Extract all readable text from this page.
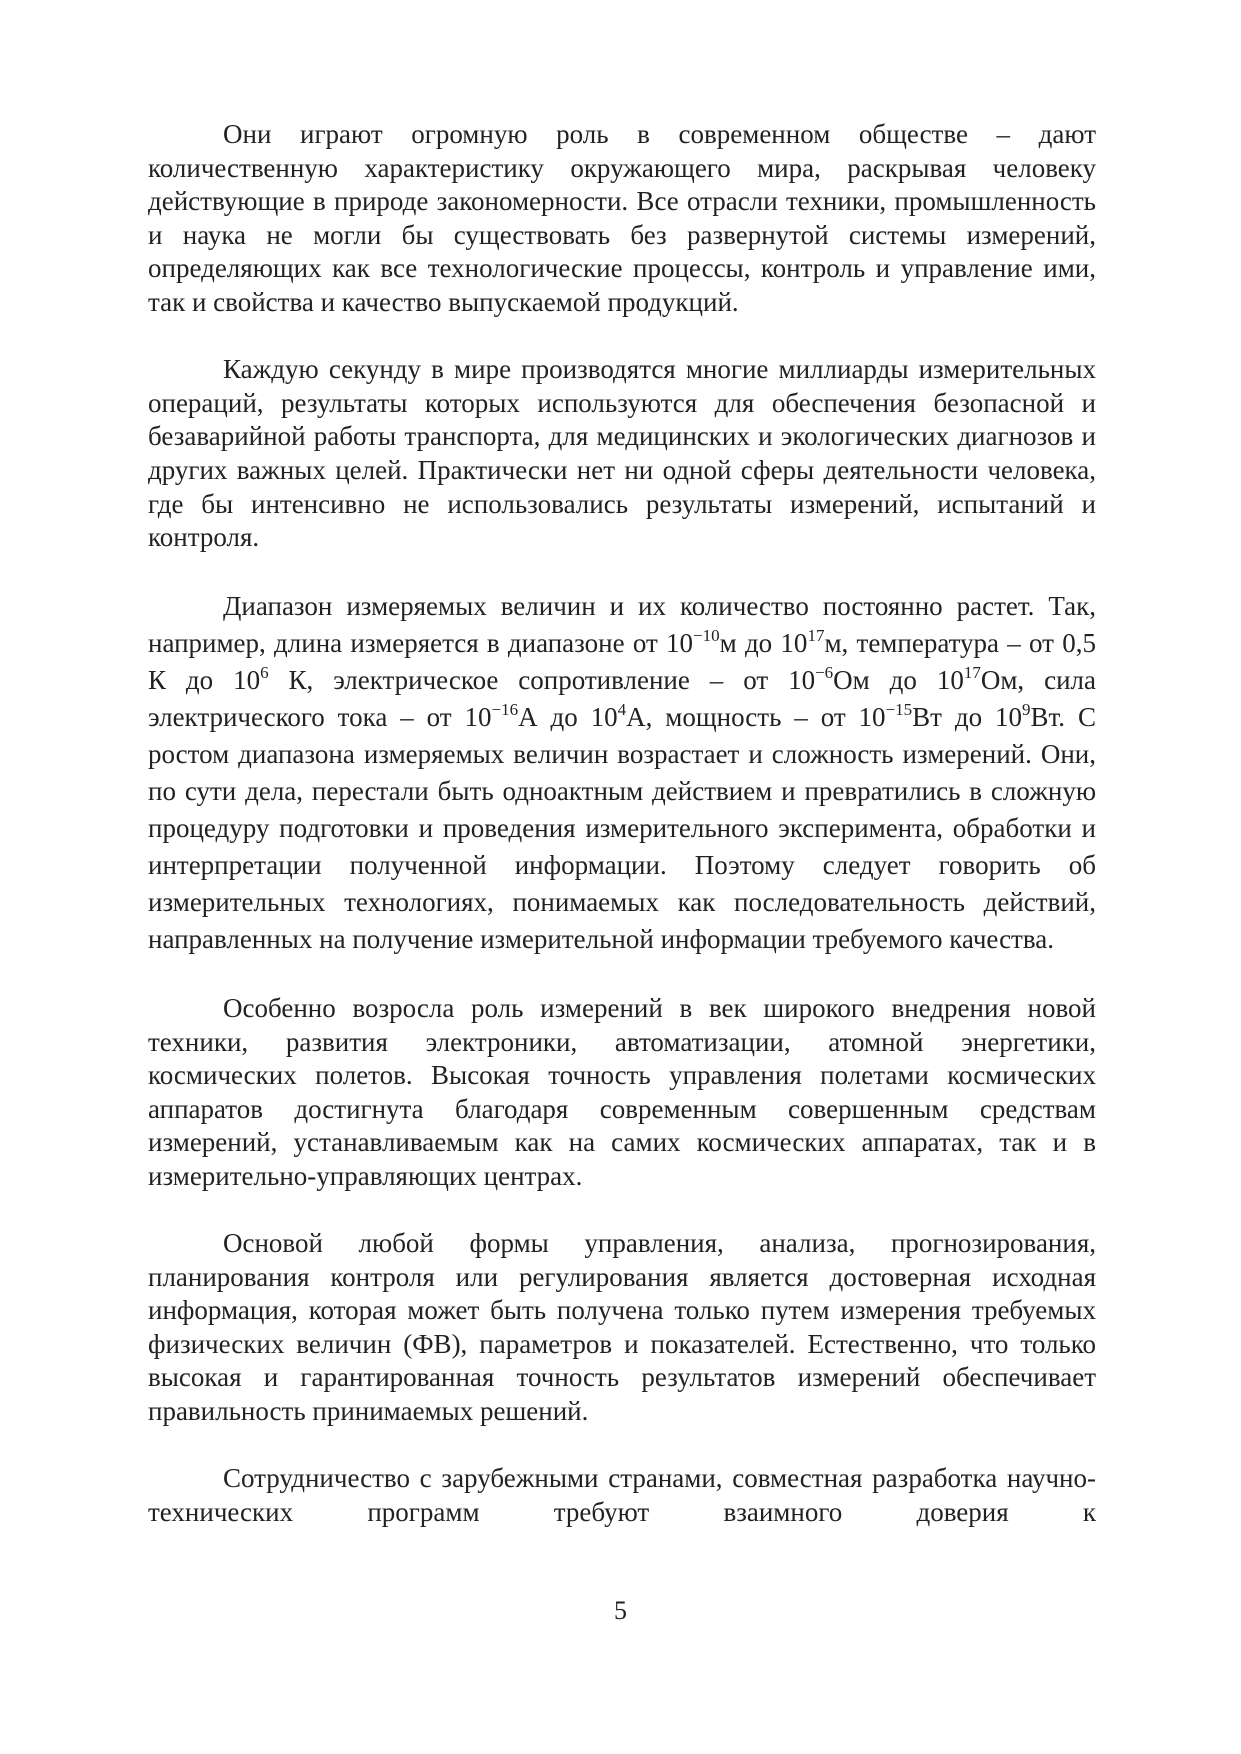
Они играют огромную роль в современном обществе – дают количественную характеристику окружающего мира, раскрывая человеку действующие в природе закономерности. Все отрасли техники, промышленность и наука не могли бы существовать без развернутой системы измерений, определяющих как все технологические процессы, контроль и управление ими, так и свойства и качество выпускаемой продукций.

Каждую секунду в мире производятся многие миллиарды измерительных операций, результаты которых используются для обеспечения безопасной и безаварийной работы транспорта, для медицинских и экологических диагнозов и других важных целей. Практически нет ни одной сферы деятельности человека, где бы интенсивно не использовались результаты измерений, испытаний и контроля.

Диапазон измеряемых величин и их количество постоянно растет. Так, например, длина измеряется в диапазоне от $10^{-10}м$ до $10^{17}м$, температура – от 0,5 К до $10^6$ К, электрическое сопротивление – от $10^{-6}Ом$ до $10^{17}Ом$, сила электрического тока – от $10^{-16}А$ до $10^4А$, мощность – от $10^{-15}Вт$ до $10^9Вт$. С ростом диапазона измеряемых величин возрастает и сложность измерений. Они, по сути дела, перестали быть одноактным действием и превратились в сложную процедуру подготовки и проведения измерительного эксперимента, обработки и интерпретации полученной информации. Поэтому следует говорить об измерительных технологиях, понимаемых как последовательность действий, направленных на получение измерительной информации требуемого качества.

Особенно возросла роль измерений в век широкого внедрения новой техники, развития электроники, автоматизации, атомной энергетики, космических полетов. Высокая точность управления полетами космических аппаратов достигнута благодаря современным совершенным средствам измерений, устанавливаемым как на самих космических аппаратах, так и в измерительно-управляющих центрах.

Основой любой формы управления, анализа, прогнозирования, планирования контроля или регулирования является достоверная исходная информация, которая может быть получена только путем измерения требуемых физических величин (ФВ), параметров и показателей. Естественно, что только высокая и гарантированная точность результатов измерений обеспечивает правильность принимаемых решений.

Сотрудничество с зарубежными странами, совместная разработка научно-технических программ требуют взаимного доверия к

5
